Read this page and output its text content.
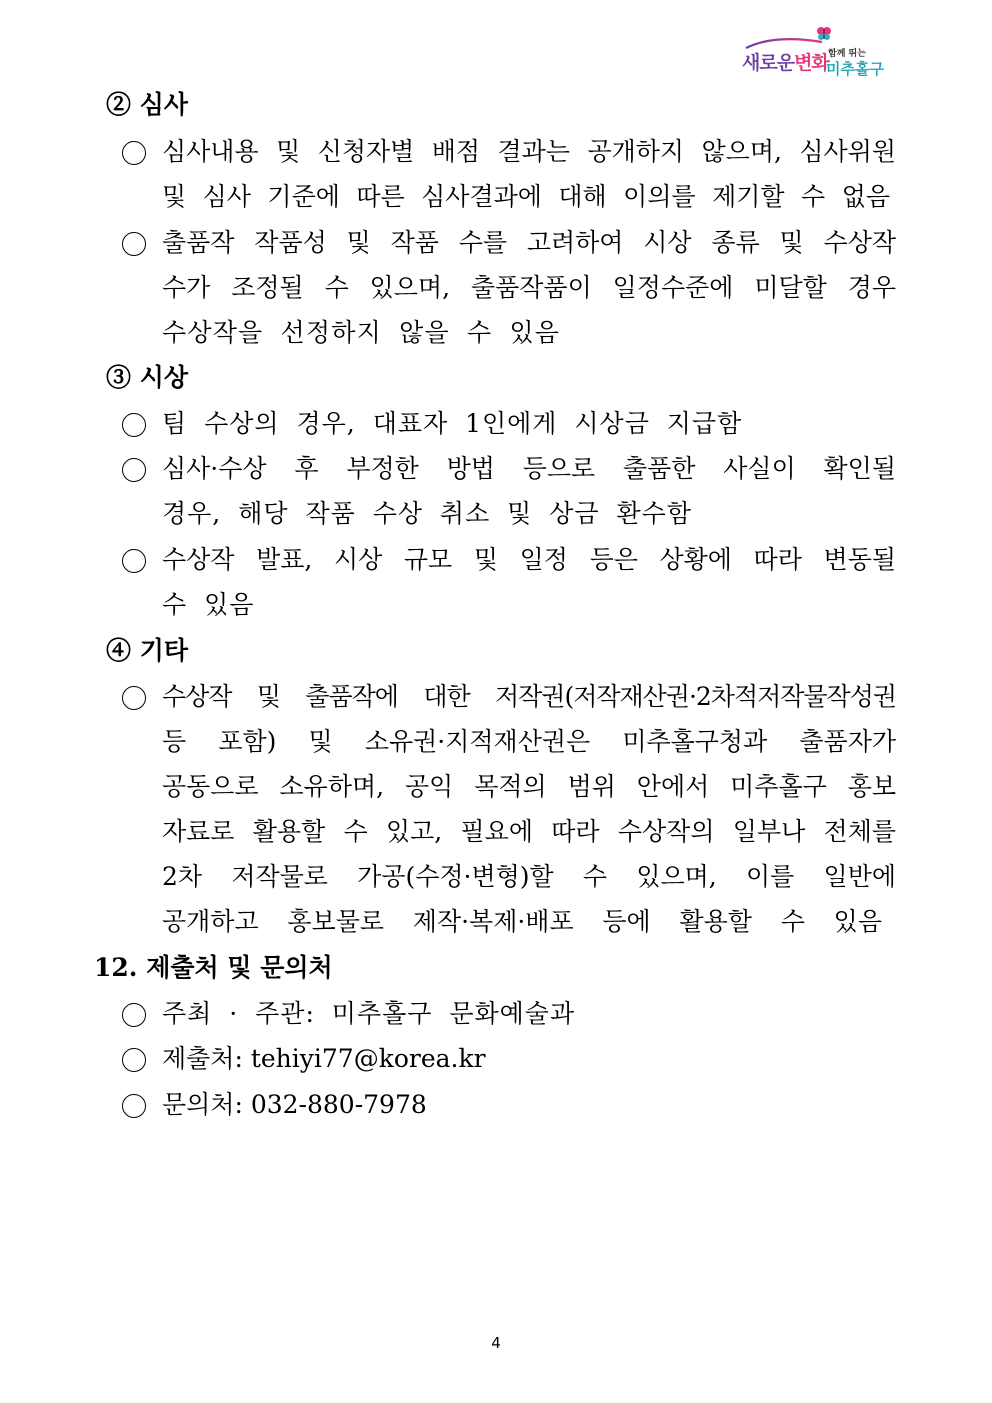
새로운변화 함께 뛰는
미추홀구
② 심사
심사내용 및 신청자별 배점 결과는 공개하지 않으며, 심사위원
및 심사 기준에 따른 심사결과에 대해 이의를 제기할 수 없음
출품작 작품성 및 작품 수를 고려하여 시상 종류 및 수상작
수가 조정될 수 있으며, 출품작품이 일정수준에 미달할 경우
수상작을 선정하지 않을 수 있음
③ 시상
팀 수상의 경우, 대표자 1인에게 시상금 지급함
심사·수상 후 부정한 방법 등으로 출품한 사실이 확인될
경우, 해당 작품 수상 취소 및 상금 환수함
수상작 발표, 시상 규모 및 일정 등은 상황에 따라 변동될
수 있음
④ 기타
수상작 및 출품작에 대한 저작권(저작재산권·2차적저작물작성권
등 포함) 및 소유권·지적재산권은 미추홀구청과 출품자가
공동으로 소유하며, 공익 목적의 범위 안에서 미추홀구 홍보
자료로 활용할 수 있고, 필요에 따라 수상작의 일부나 전체를
2차 저작물로 가공(수정·변형)할 수 있으며, 이를 일반에
공개하고 홍보물로 제작·복제·배포 등에 활용할 수 있음
12. 제출처 및 문의처
주최 · 주관: 미추홀구 문화예술과
제출처: tehiyi77@korea.kr
문의처: 032-880-7978
4
